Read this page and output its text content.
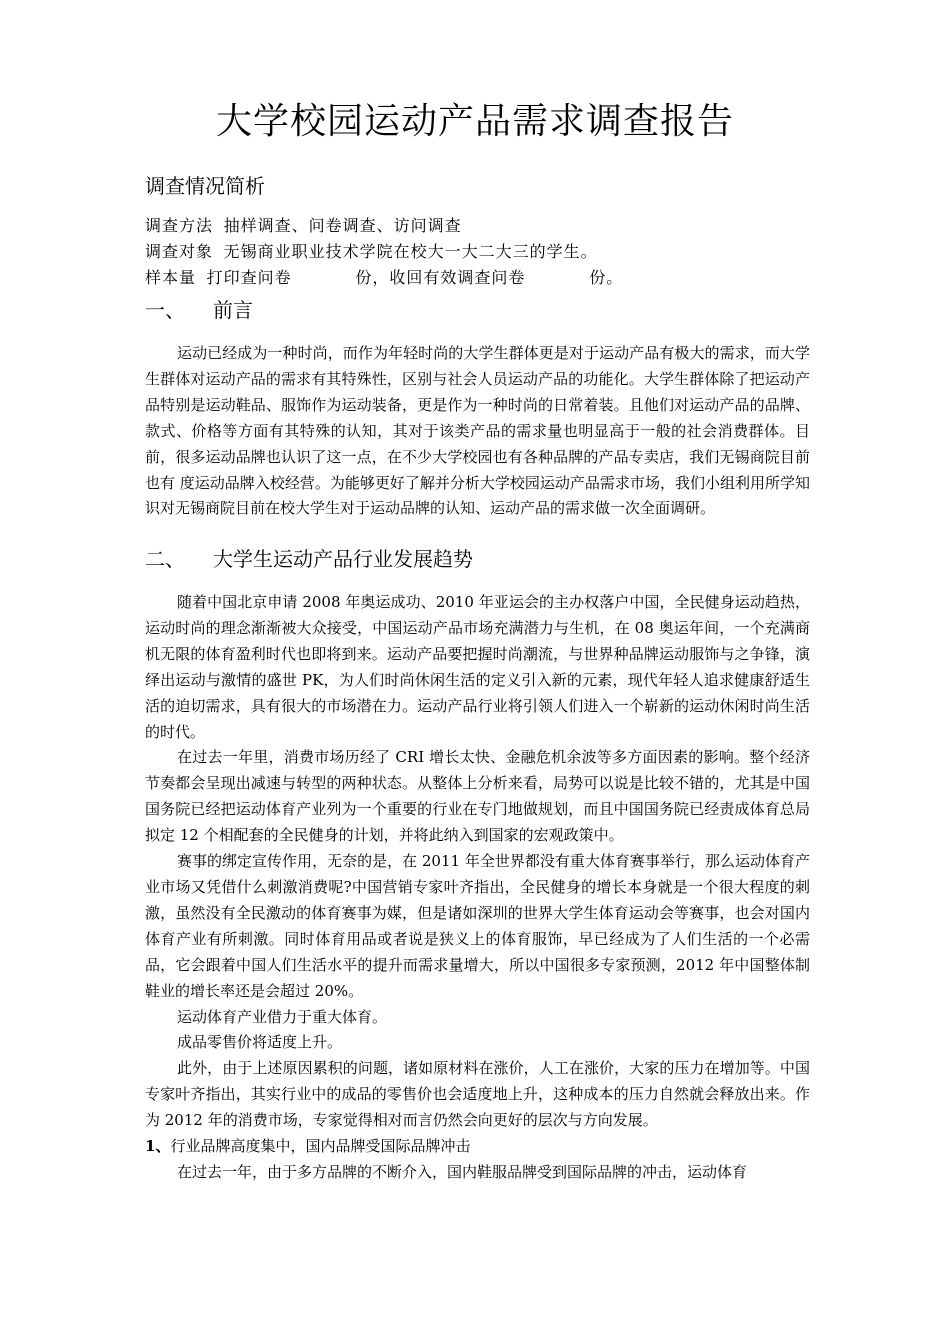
大学校园运动产品需求调查报告
调查情况简析
调查方法 抽样调查、问卷调查、访问调查
调查对象 无锡商业职业技术学院在校大一大二大三的学生。
样本量 打印查问卷      份，收回有效调查问卷      份。
一、 前言

运动已经成为一种时尚，而作为年轻时尚的大学生群体更是对于运动产品有极大的需求，而大学生群体对运动产品的需求有其特殊性，区别与社会人员运动产品的功能化。大学生群体除了把运动产品特别是运动鞋品、服饰作为运动装备，更是作为一种时尚的日常着装。且他们对运动产品的品牌、款式、价格等方面有其特殊的认知，其对于该类产品的需求量也明显高于一般的社会消费群体。目前，很多运动品牌也认识了这一点，在不少大学校园也有各种品牌的产品专卖店，我们无锡商院目前也有 度运动品牌入校经营。为能够更好了解并分析大学校园运动产品需求市场，我们小组利用所学知识对无锡商院目前在校大学生对于运动品牌的认知、运动产品的需求做一次全面调研。

二、 大学生运动产品行业发展趋势

随着中国北京申请 2008 年奥运成功、2010 年亚运会的主办权落户中国，全民健身运动趋热，运动时尚的理念渐渐被大众接受，中国运动产品市场充满潜力与生机，在 08 奥运年间，一个充满商机无限的体育盈利时代也即将到来。运动产品要把握时尚潮流，与世界种品牌运动服饰与之争锋，演绎出运动与激情的盛世 PK，为人们时尚休闲生活的定义引入新的元素，现代年轻人追求健康舒适生活的迫切需求，具有很大的市场潜在力。运动产品行业将引领人们进入一个崭新的运动休闲时尚生活的时代。

在过去一年里，消费市场历经了 CRI 增长太快、金融危机余波等多方面因素的影响。整个经济节奏都会呈现出减速与转型的两种状态。从整体上分析来看，局势可以说是比较不错的，尤其是中国国务院已经把运动体育产业列为一个重要的行业在专门地做规划，而且中国国务院已经责成体育总局拟定 12 个相配套的全民健身的计划，并将此纳入到国家的宏观政策中。

赛事的绑定宣传作用，无奈的是，在 2011 年全世界都没有重大体育赛事举行，那么运动体育产业市场又凭借什么刺激消费呢?中国营销专家叶齐指出，全民健身的增长本身就是一个很大程度的刺激，虽然没有全民激动的体育赛事为媒，但是诸如深圳的世界大学生体育运动会等赛事，也会对国内体育产业有所刺激。同时体育用品或者说是狭义上的体育服饰，早已经成为了人们生活的一个必需品，它会跟着中国人们生活水平的提升而需求量增大，所以中国很多专家预测，2012 年中国整体制鞋业的增长率还是会超过 20%。

运动体育产业借力于重大体育。

成品零售价将适度上升。

此外，由于上述原因累积的问题，诸如原材料在涨价，人工在涨价，大家的压力在增加等。中国专家叶齐指出，其实行业中的成品的零售价也会适度地上升，这种成本的压力自然就会释放出来。作为 2012 年的消费市场，专家觉得相对而言仍然会向更好的层次与方向发展。

1、行业品牌高度集中，国内品牌受国际品牌冲击

在过去一年，由于多方品牌的不断介入，国内鞋服品牌受到国际品牌的冲击，运动体育
